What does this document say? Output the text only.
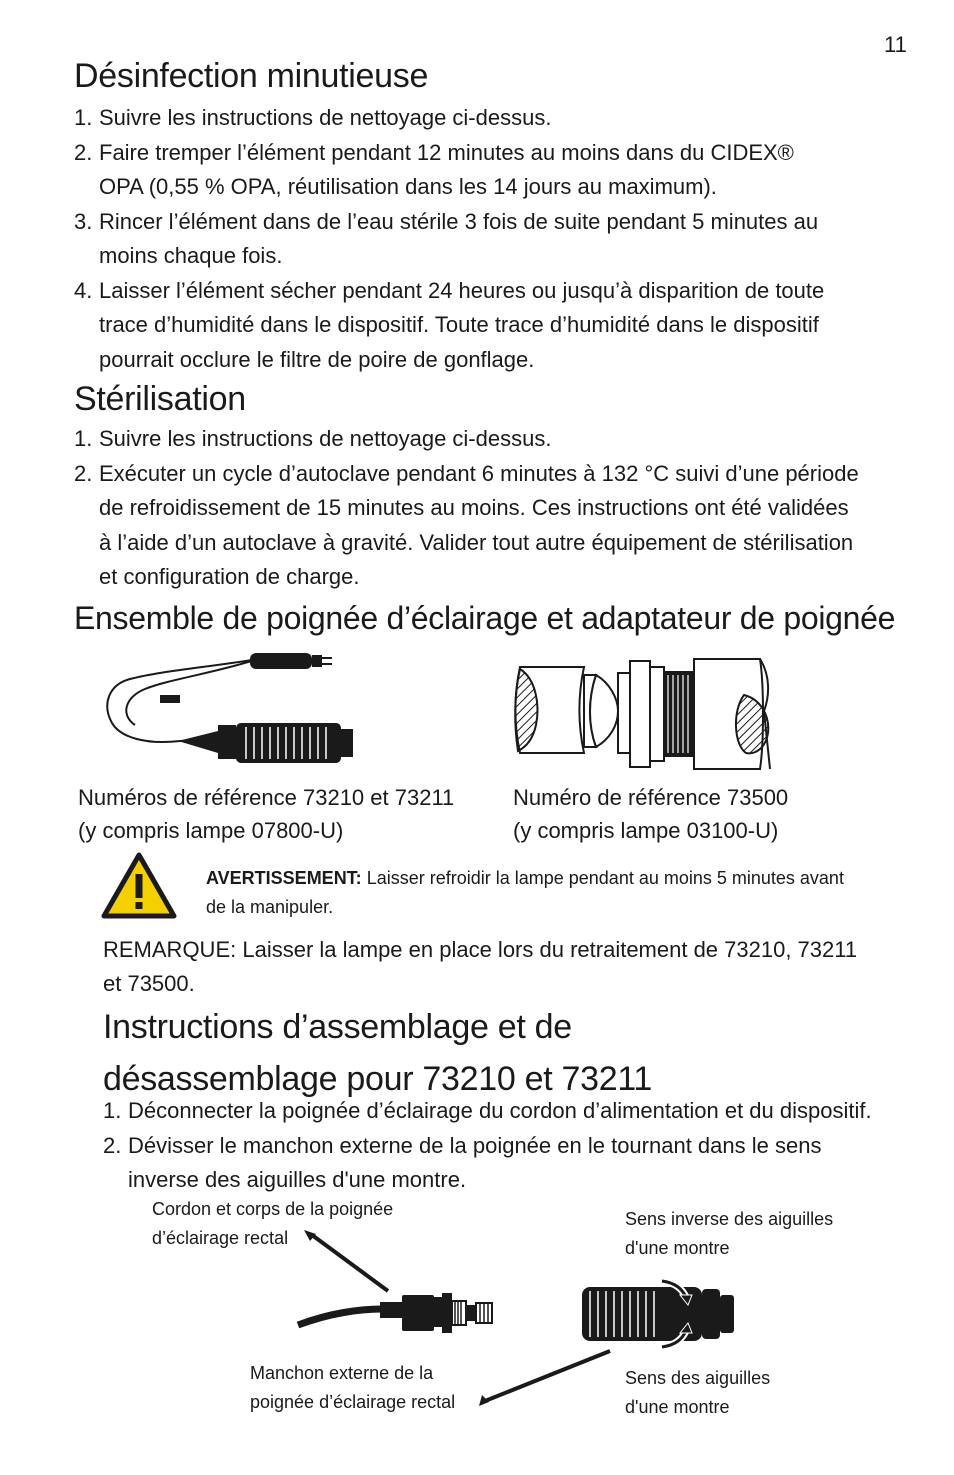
11
Désinfection minutieuse
1. Suivre les instructions de nettoyage ci-dessus.
2. Faire tremper l’élément pendant 12 minutes au moins dans du CIDEX®
OPA (0,55 % OPA, réutilisation dans les 14 jours au maximum).
3. Rincer l’élément dans de l’eau stérile 3 fois de suite pendant 5 minutes au
moins chaque fois.
4. Laisser l’élément sécher pendant 24 heures ou jusqu’à disparition de toute
trace d’humidité dans le dispositif. Toute trace d’humidité dans le dispositif
pourrait occlure le filtre de poire de gonflage.
Stérilisation
1. Suivre les instructions de nettoyage ci-dessus.
2. Exécuter un cycle d’autoclave pendant 6 minutes à 132 °C suivi d’une période
de refroidissement de 15 minutes au moins. Ces instructions ont été validées
à l’aide d’un autoclave à gravité. Valider tout autre équipement de stérilisation
et configuration de charge.
Ensemble de poignée d’éclairage et adaptateur de poignée
Numéros de référence 73210 et 73211
(y compris lampe 07800-U)
Numéro de référence 73500
(y compris lampe 03100-U)
AVERTISSEMENT: Laisser refroidir la lampe pendant au moins 5 minutes avant
de la manipuler.
REMARQUE: Laisser la lampe en place lors du retraitement de 73210, 73211
et 73500.
Instructions d’assemblage et de
désassemblage pour 73210 et 73211
1. Déconnecter la poignée d’éclairage du cordon d’alimentation et du dispositif.
2. Dévisser le manchon externe de la poignée en le tournant dans le sens
inverse des aiguilles d'une montre.
Cordon et corps de la poignée
d’éclairage rectal
Sens inverse des aiguilles
d'une montre
Manchon externe de la
poignée d’éclairage rectal
Sens des aiguilles
d'une montre
